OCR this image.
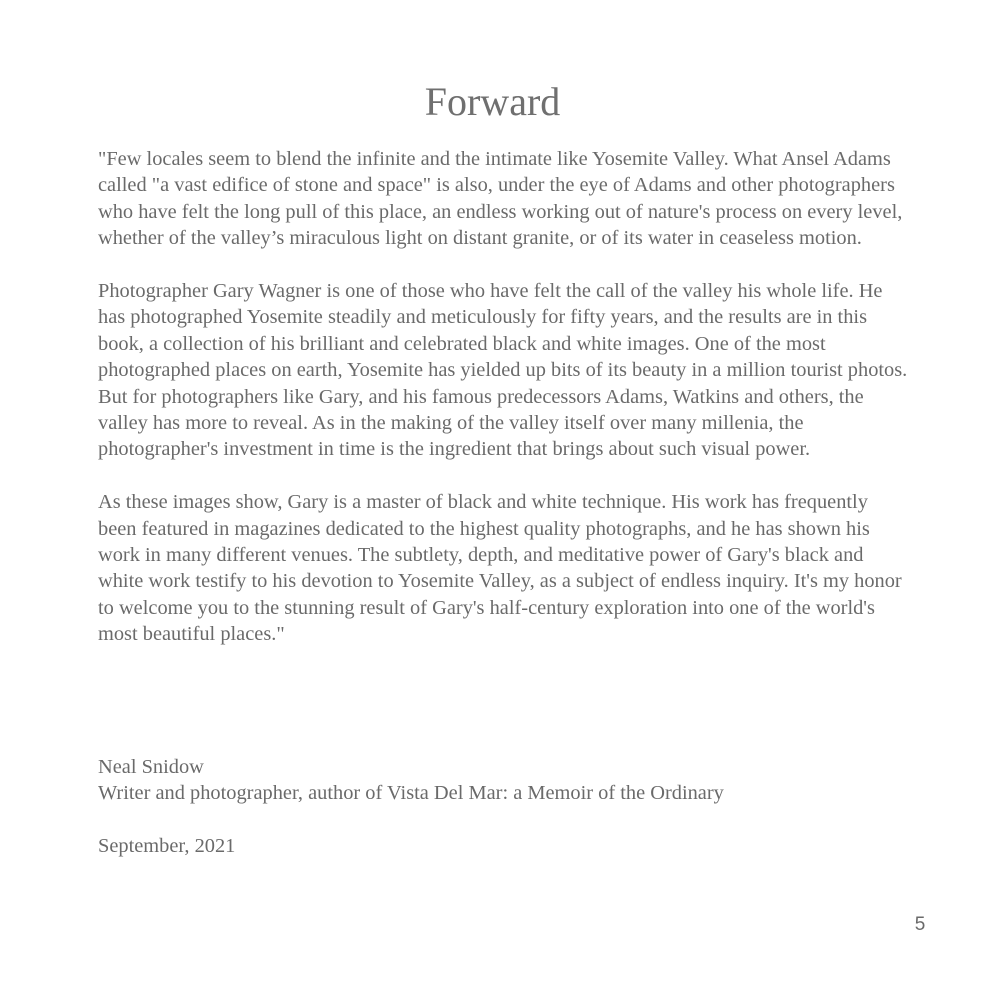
Forward

"Few locales seem to blend the infinite and the intimate like Yosemite Valley. What Ansel Adams called "a vast edifice of stone and space" is also, under the eye of Adams and other photographers who have felt the long pull of this place, an endless working out of nature's process on every level, whether of the valley’s miraculous light on distant granite, or of its water in ceaseless motion.

Photographer Gary Wagner is one of those who have felt the call of the valley his whole life. He has photographed Yosemite steadily and meticulously for fifty years, and the results are in this book, a collection of his brilliant and celebrated black and white images. One of the most photographed places on earth, Yosemite has yielded up bits of its beauty in a million tourist photos. But for photographers like Gary, and his famous predecessors Adams, Watkins and others, the valley has more to reveal. As in the making of the valley itself over many millenia, the photographer's investment in time is the ingredient that brings about such visual power.

As these images show, Gary is a master of black and white technique. His work has frequently been featured in magazines dedicated to the highest quality photographs, and he has shown his work in many different venues. The subtlety, depth, and meditative power of Gary's black and white work testify to his devotion to Yosemite Valley, as a subject of endless inquiry. It's my honor to welcome you to the stunning result of Gary's half-century exploration into one of the world's most beautiful places."

Neal Snidow

Writer and photographer, author of Vista Del Mar: a Memoir of the Ordinary

September, 2021

5
